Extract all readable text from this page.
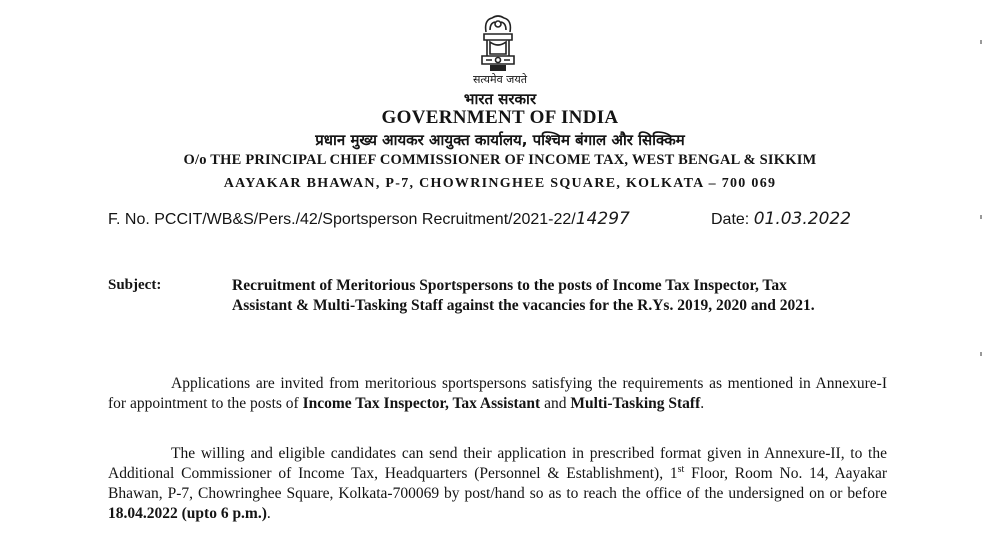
सत्यमेव जयते
भारत सरकार
GOVERNMENT OF INDIA
प्रधान मुख्य आयकर आयुक्त कार्यालय, पश्चिम बंगाल और सिक्किम
O/o THE PRINCIPAL CHIEF COMMISSIONER OF INCOME TAX, WEST BENGAL & SIKKIM
AAYAKAR BHAWAN, P-7, CHOWRINGHEE SQUARE, KOLKATA – 700 069
F. No. PCCIT/WB&S/Pers./42/Sportsperson Recruitment/2021-22/14297	Date: 01.03.2022
Subject:	Recruitment of Meritorious Sportspersons to the posts of Income Tax Inspector, Tax Assistant & Multi-Tasking Staff against the vacancies for the R.Ys. 2019, 2020 and 2021.
Applications are invited from meritorious sportspersons satisfying the requirements as mentioned in Annexure-I for appointment to the posts of Income Tax Inspector, Tax Assistant and Multi-Tasking Staff.
The willing and eligible candidates can send their application in prescribed format given in Annexure-II, to the Additional Commissioner of Income Tax, Headquarters (Personnel & Establishment), 1st Floor, Room No. 14, Aayakar Bhawan, P-7, Chowringhee Square, Kolkata-700069 by post/hand so as to reach the office of the undersigned on or before 18.04.2022 (upto 6 p.m.).
